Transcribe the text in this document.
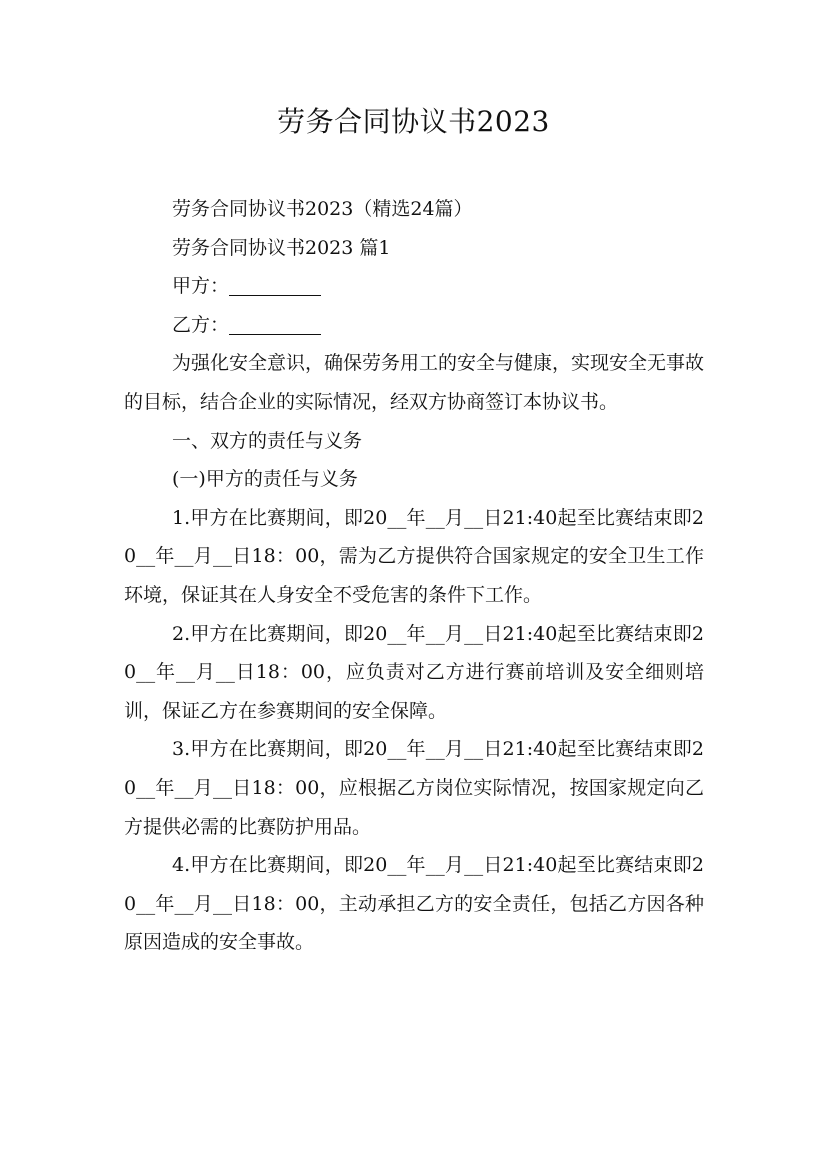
劳务合同协议书2023

劳务合同协议书2023（精选24篇）

劳务合同协议书2023 篇1

甲方：

乙方：

为强化安全意识，确保劳务用工的安全与健康，实现安全无事故的目标，结合企业的实际情况，经双方协商签订本协议书。

一、双方的责任与义务

(一)甲方的责任与义务

1.甲方在比赛期间，即20__年__月__日21:40起至比赛结束即20__年__月__日18：00，需为乙方提供符合国家规定的安全卫生工作环境，保证其在人身安全不受危害的条件下工作。

2.甲方在比赛期间，即20__年__月__日21:40起至比赛结束即20__年__月__日18：00，应负责对乙方进行赛前培训及安全细则培训，保证乙方在参赛期间的安全保障。

3.甲方在比赛期间，即20__年__月__日21:40起至比赛结束即20__年__月__日18：00，应根据乙方岗位实际情况，按国家规定向乙方提供必需的比赛防护用品。

4.甲方在比赛期间，即20__年__月__日21:40起至比赛结束即20__年__月__日18：00，主动承担乙方的安全责任，包括乙方因各种原因造成的安全事故。
